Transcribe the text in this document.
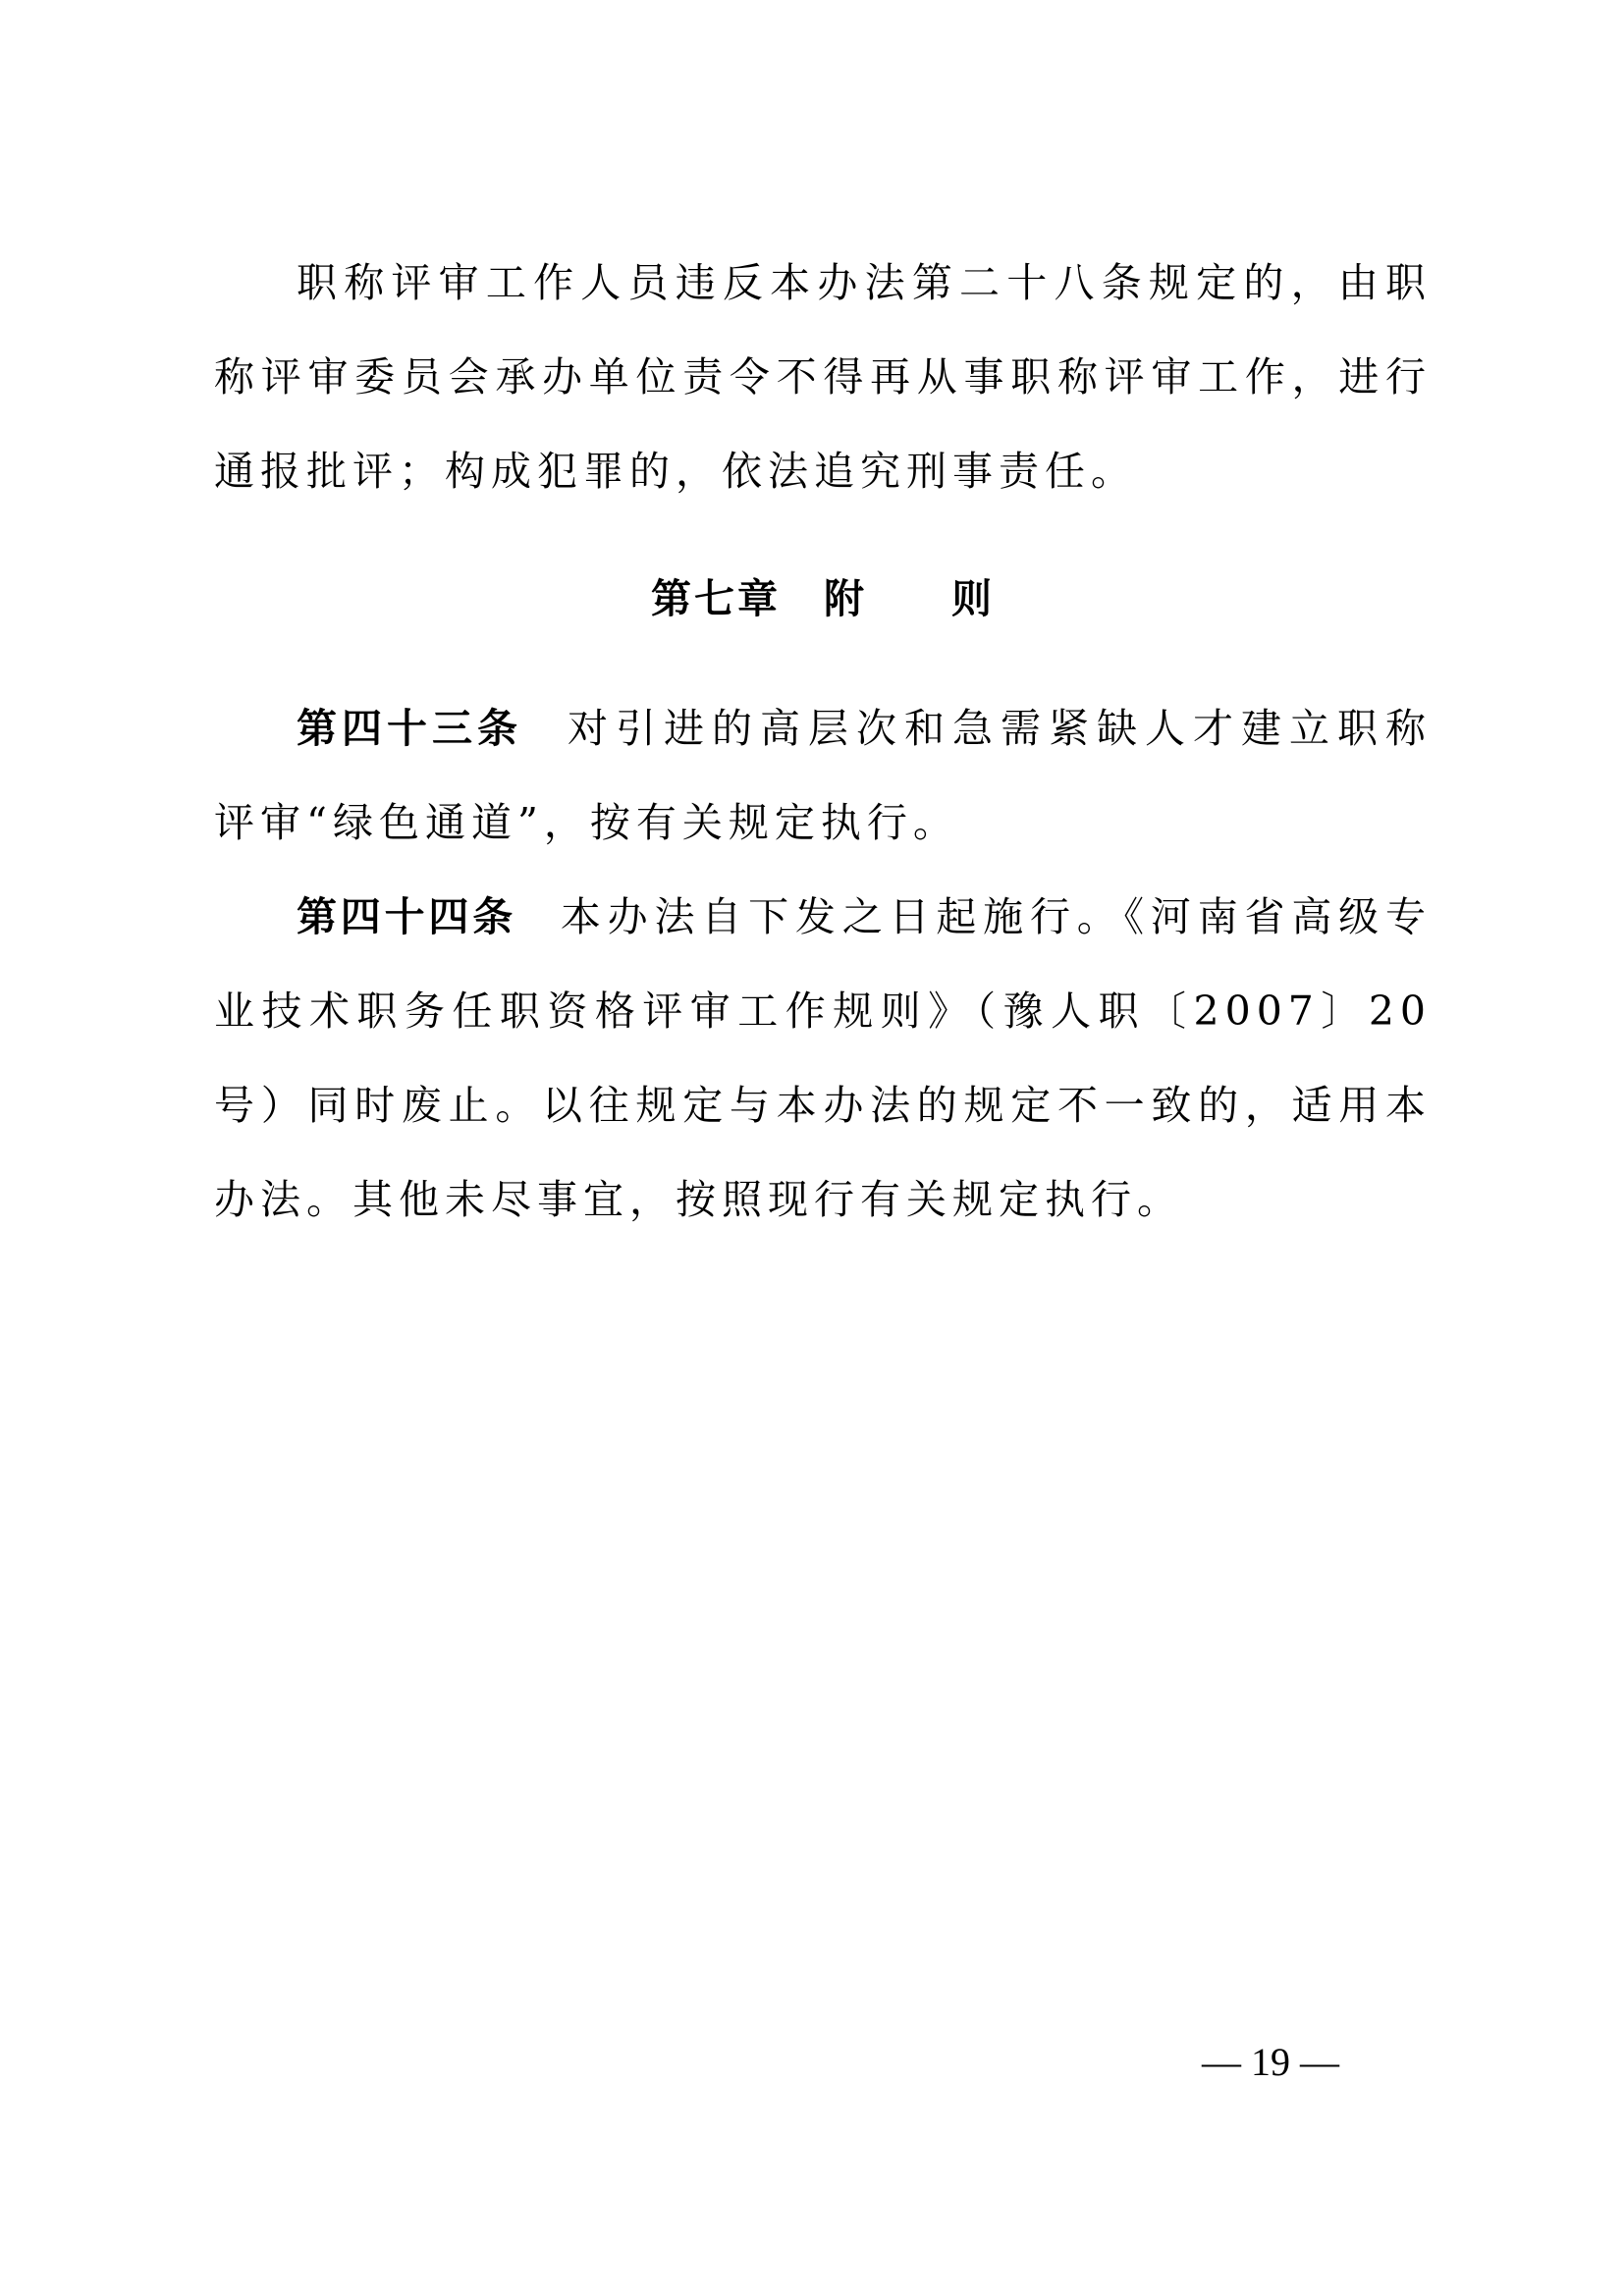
职称评审工作人员违反本办法第二十八条规定的，由职称评审委员会承办单位责令不得再从事职称评审工作，进行通报批评；构成犯罪的，依法追究刑事责任。

第七章 附 则

第四十三条 对引进的高层次和急需紧缺人才建立职称评审“绿色通道”，按有关规定执行。

第四十四条 本办法自下发之日起施行。《河南省高级专业技术职务任职资格评审工作规则》（豫人职〔2007〕20号）同时废止。以往规定与本办法的规定不一致的，适用本办法。其他未尽事宜，按照现行有关规定执行。

— 19 —
